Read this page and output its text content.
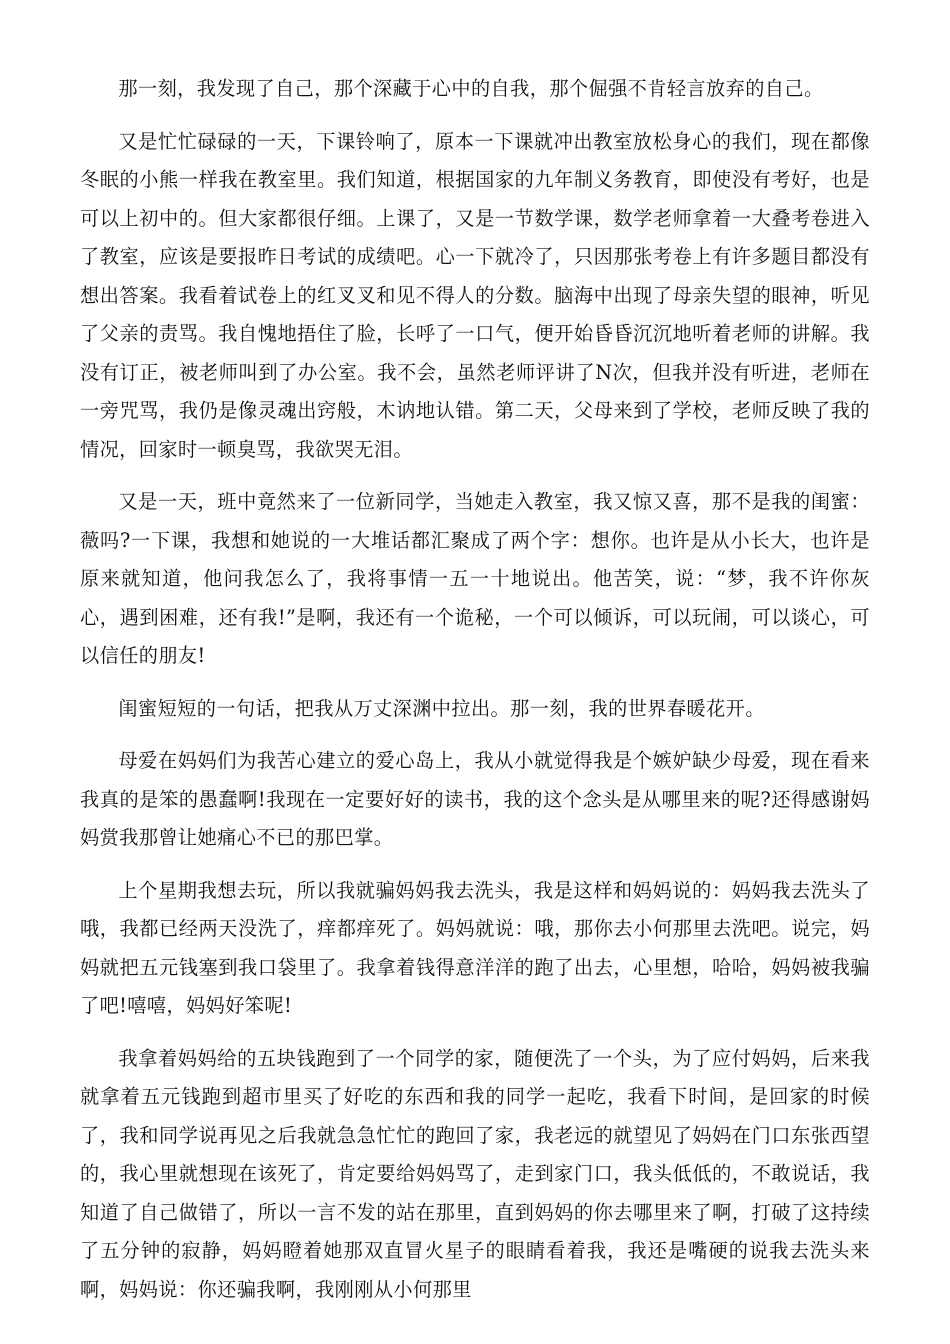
那一刻，我发现了自己，那个深藏于心中的自我，那个倔强不肯轻言放弃的自己。

又是忙忙碌碌的一天，下课铃响了，原本一下课就冲出教室放松身心的我们，现在都像冬眠的小熊一样我在教室里。我们知道，根据国家的九年制义务教育，即使没有考好，也是可以上初中的。但大家都很仔细。上课了，又是一节数学课，数学老师拿着一大叠考卷进入了教室，应该是要报昨日考试的成绩吧。心一下就冷了，只因那张考卷上有许多题目都没有想出答案。我看着试卷上的红叉叉和见不得人的分数。脑海中出现了母亲失望的眼神，听见了父亲的责骂。我自愧地捂住了脸，长呼了一口气，便开始昏昏沉沉地听着老师的讲解。我没有订正，被老师叫到了办公室。我不会，虽然老师评讲了N次，但我并没有听进，老师在一旁咒骂，我仍是像灵魂出窍般，木讷地认错。第二天，父母来到了学校，老师反映了我的情况，回家时一顿臭骂，我欲哭无泪。

又是一天，班中竟然来了一位新同学，当她走入教室，我又惊又喜，那不是我的闺蜜：薇吗?一下课，我想和她说的一大堆话都汇聚成了两个字：想你。也许是从小长大，也许是原来就知道，他问我怎么了，我将事情一五一十地说出。他苦笑，说：“梦，我不许你灰心，遇到困难，还有我!”是啊，我还有一个诡秘，一个可以倾诉，可以玩闹，可以谈心，可以信任的朋友!

闺蜜短短的一句话，把我从万丈深渊中拉出。那一刻，我的世界春暖花开。

母爱在妈妈们为我苦心建立的爱心岛上，我从小就觉得我是个嫉妒缺少母爱，现在看来我真的是笨的愚蠢啊!我现在一定要好好的读书，我的这个念头是从哪里来的呢?还得感谢妈妈赏我那曾让她痛心不已的那巴掌。

上个星期我想去玩，所以我就骗妈妈我去洗头，我是这样和妈妈说的：妈妈我去洗头了哦，我都已经两天没洗了，痒都痒死了。妈妈就说：哦，那你去小何那里去洗吧。说完，妈妈就把五元钱塞到我口袋里了。我拿着钱得意洋洋的跑了出去，心里想，哈哈，妈妈被我骗了吧!嘻嘻，妈妈好笨呢!

我拿着妈妈给的五块钱跑到了一个同学的家，随便洗了一个头，为了应付妈妈，后来我就拿着五元钱跑到超市里买了好吃的东西和我的同学一起吃，我看下时间，是回家的时候了，我和同学说再见之后我就急急忙忙的跑回了家，我老远的就望见了妈妈在门口东张西望的，我心里就想现在该死了，肯定要给妈妈骂了，走到家门口，我头低低的，不敢说话，我知道了自己做错了，所以一言不发的站在那里，直到妈妈的你去哪里来了啊，打破了这持续了五分钟的寂静，妈妈瞪着她那双直冒火星子的眼睛看着我，我还是嘴硬的说我去洗头来啊，妈妈说：你还骗我啊，我刚刚从小何那里
